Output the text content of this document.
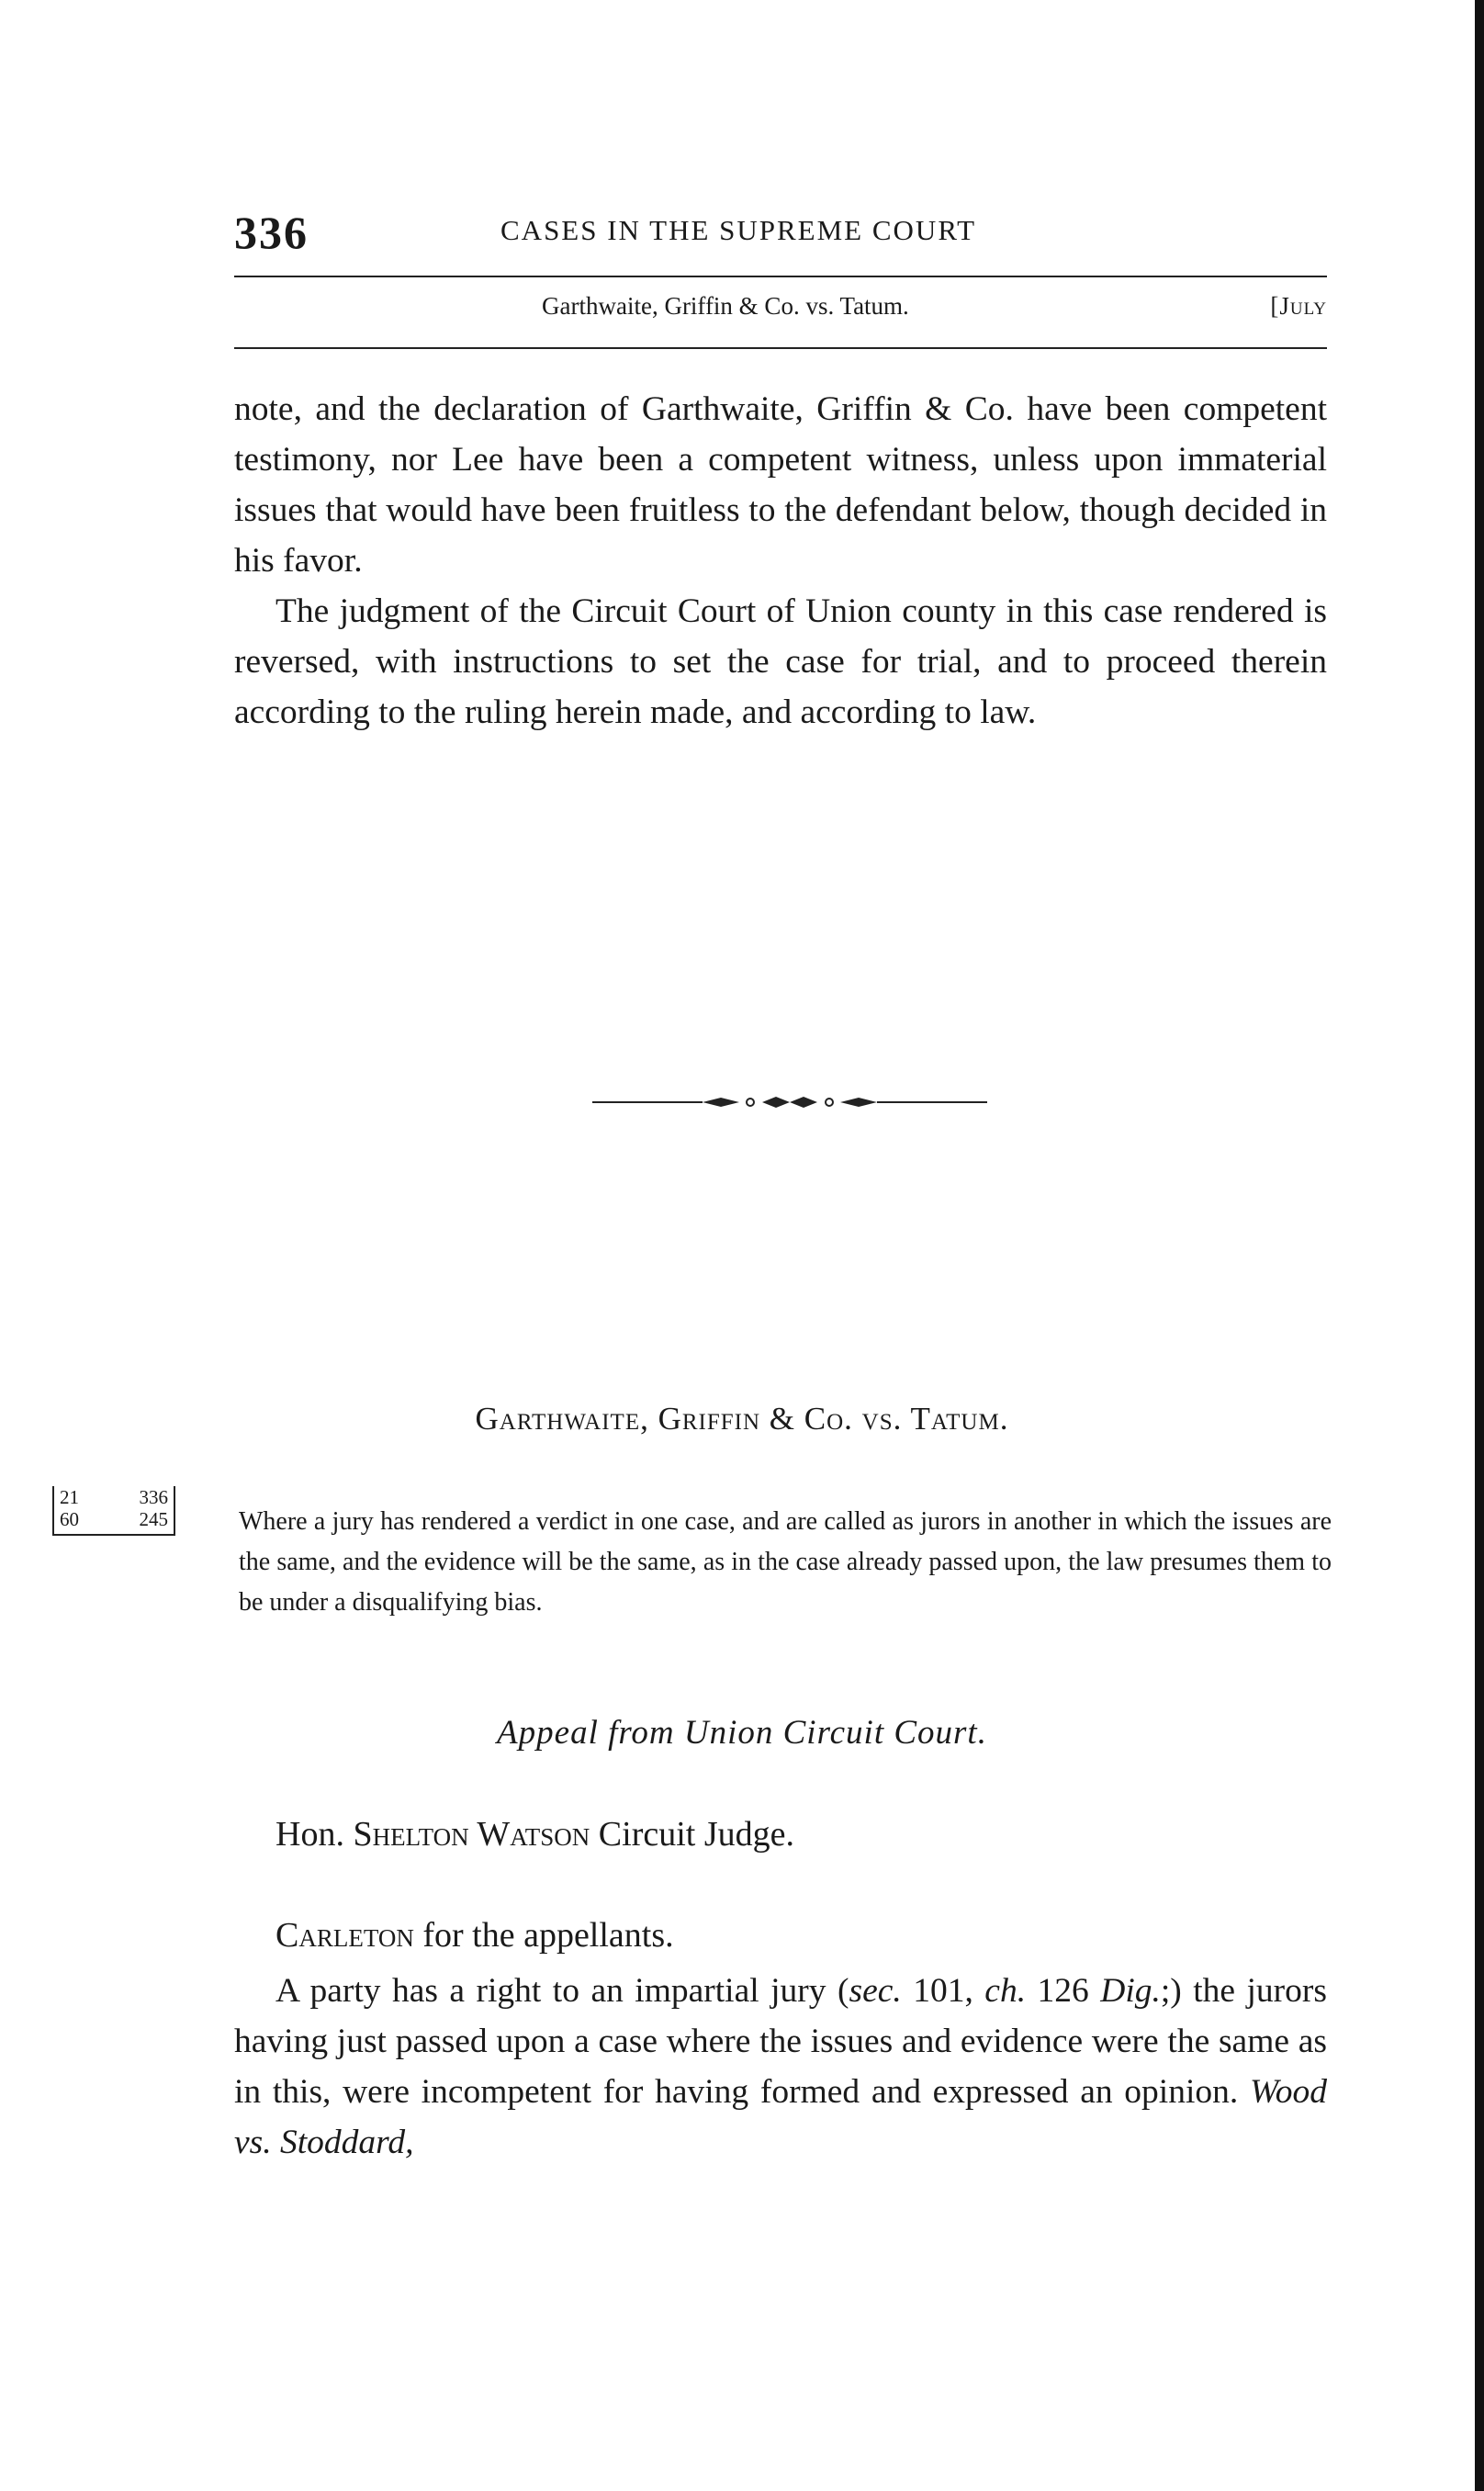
336	CASES IN THE SUPREME COURT
Garthwaite, Griffin & Co. vs. Tatum.	[July

note, and the declaration of Garthwaite, Griffin & Co. have been competent testimony, nor Lee have been a competent witness, unless upon immaterial issues that would have been fruitless to the defendant below, though decided in his favor.

The judgment of the Circuit Court of Union county in this case rendered is reversed, with instructions to set the case for trial, and to proceed therein according to the ruling herein made, and according to law.

Garthwaite, Griffin & Co. vs. Tatum.
21	336
60	245	Where a jury has rendered a verdict in one case, and are called as jurors in another in which the issues are the same, and the evidence will be the same, as in the case already passed upon, the law presumes them to be under a disqualifying bias.
Appeal from Union Circuit Court.
Hon. Shelton Watson Circuit Judge.
Carleton for the appellants.

A party has a right to an impartial jury (sec. 101, ch. 126 Dig.;) the jurors having just passed upon a case where the issues and evidence were the same as in this, were incompetent for having formed and expressed an opinion. Wood vs. Stoddard,
